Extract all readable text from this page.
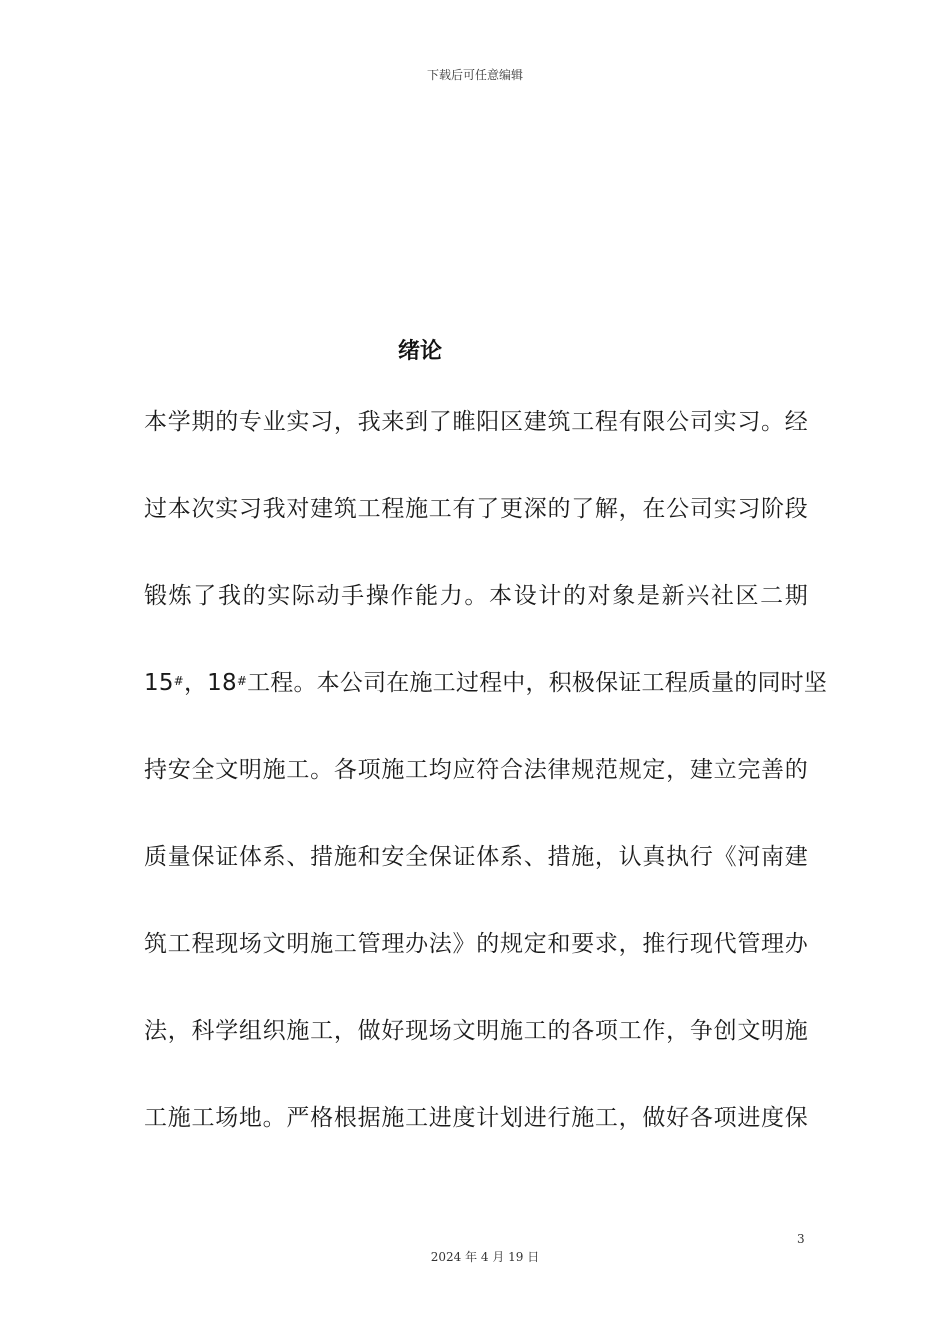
下载后可任意编辑
绪论
本学期的专业实习，我来到了睢阳区建筑工程有限公司实习。经
过本次实习我对建筑工程施工有了更深的了解，在公司实习阶段
锻炼了我的实际动手操作能力。本设计的对象是新兴社区二期
15#，18#工程。本公司在施工过程中，积极保证工程质量的同时坚
持安全文明施工。各项施工均应符合法律规范规定，建立完善的
质量保证体系、措施和安全保证体系、措施，认真执行《河南建
筑工程现场文明施工管理办法》的规定和要求，推行现代管理办
法，科学组织施工，做好现场文明施工的各项工作，争创文明施
工施工场地。严格根据施工进度计划进行施工，做好各项进度保
3
2024 年 4 月 19 日
